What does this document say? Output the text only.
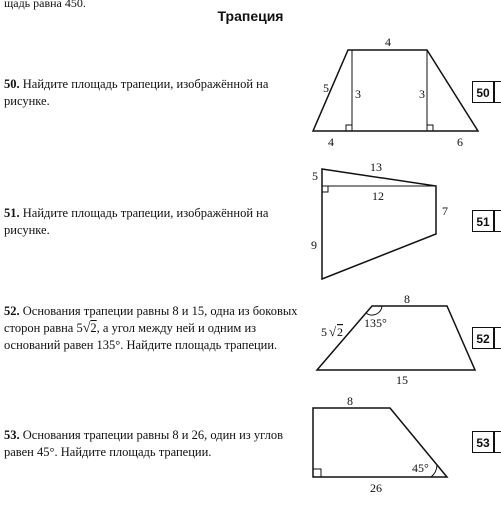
щадь равна 450.
Трапеция
50. Найдите площадь трапеции, изображённой на рисунке.
4
5 3	3
4	6
50
51. Найдите площадь трапеции, изображённой на рисунке.
5
13
12
7
9
51
52. Основания трапеции равны 8 и 15, одна из боковых сторон равна 5√2, а угол между ней и одним из оснований равен 135°. Найдите площадь трапеции.
8
5 √ 2
135°
15
52
53. Основания трапеции равны 8 и 26, один из углов равен 45°. Найдите площадь трапеции.
8
45°
26
53
